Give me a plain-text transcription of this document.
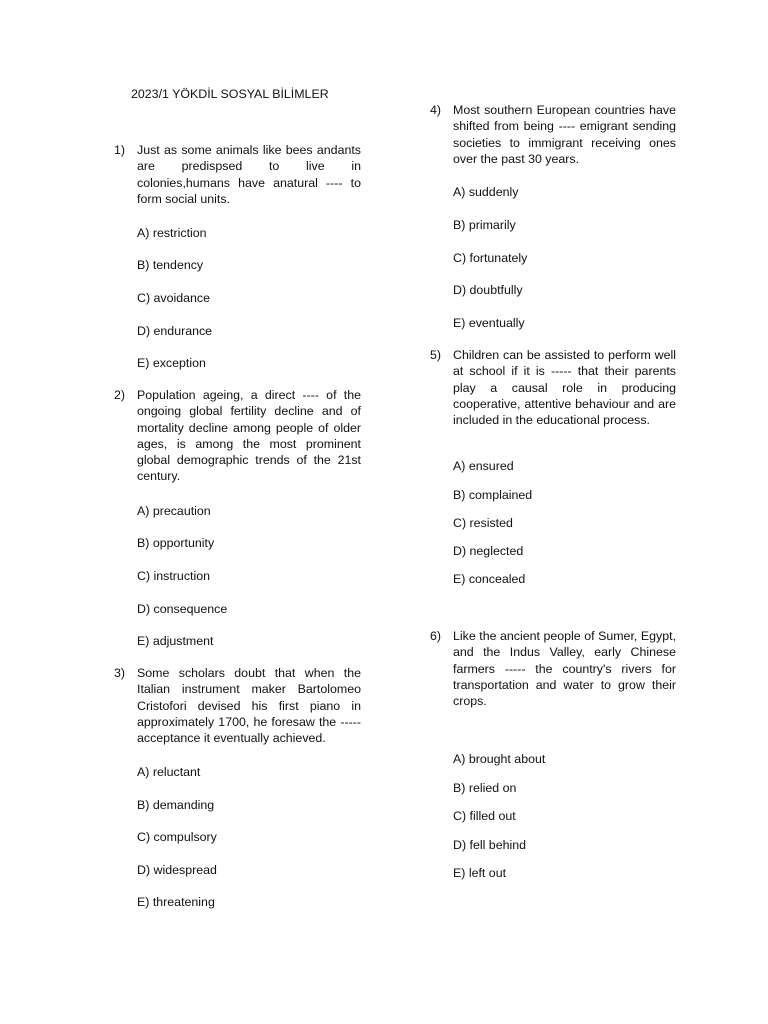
2023/1 YÖKDİL SOSYAL BİLİMLER
1) Just as some animals like bees andants are predispsed to live in colonies,humans have anatural ---- to form social units.
A) restriction
B) tendency
C) avoidance
D) endurance
E) exception
2) Population ageing, a direct ---- of the ongoing global fertility decline and of mortality decline among people of older ages, is among the most prominent global demographic trends of the 21st century.
A) precaution
B) opportunity
C) instruction
D) consequence
E) adjustment
3) Some scholars doubt that when the Italian instrument maker Bartolomeo Cristofori devised his first piano in approximately 1700, he foresaw the ----- acceptance it eventually achieved.
A) reluctant
B) demanding
C) compulsory
D) widespread
E) threatening
4) Most southern European countries have shifted from being ---- emigrant sending societies to immigrant receiving ones over the past 30 years.
A) suddenly
B) primarily
C) fortunately
D) doubtfully
E) eventually
5) Children can be assisted to perform well at school if it is ----- that their parents play a causal role in producing cooperative, attentive behaviour and are included in the educational process.
A) ensured
B) complained
C) resisted
D) neglected
E) concealed
6) Like the ancient people of Sumer, Egypt, and the Indus Valley, early Chinese farmers ----- the country's rivers for transportation and water to grow their crops.
A) brought about
B) relied on
C) filled out
D) fell behind
E) left out
